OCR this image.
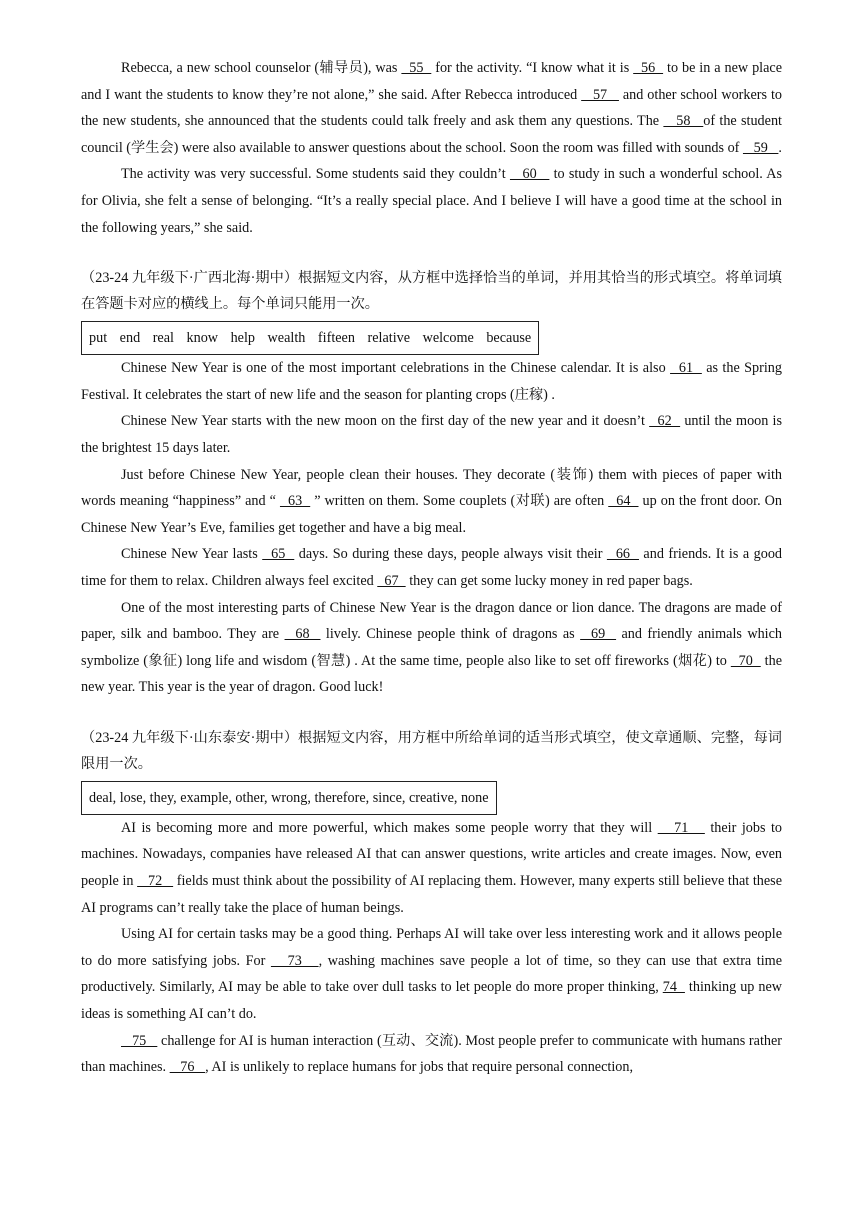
Rebecca, a new school counselor (辅导员), was   55   for the activity. “I know what it is   56   to be in a new place and I want the students to know they’re not alone,” she said. After Rebecca introduced    57    and other school workers to the new students, she announced that the students could talk freely and ask them any questions. The    58   of the student council (学生会) were also available to answer questions about the school. Soon the room was filled with sounds of    59   .

The activity was very successful. Some students said they couldn’t    60    to study in such a wonderful school. As for Olivia, she felt a sense of belonging. “It’s a really special place. And I believe I will have a good time at the school in the following years,” she said.

（23-24 九年级下·广西北海·期中）根据短文内容，从方框中选择恰当的单词，并用其恰当的形式填空。将单词填在答题卡对应的横线上。每个单词只能用一次。

put end real know help wealth fifteen relative welcome because

Chinese New Year is one of the most important celebrations in the Chinese calendar. It is also   61   as the Spring Festival. It celebrates the start of new life and the season for planting crops (庄稼) .

Chinese New Year starts with the new moon on the first day of the new year and it doesn’t   62   until the moon is the brightest 15 days later.

Just before Chinese New Year, people clean their houses. They decorate (装饰) them with pieces of paper with words meaning “happiness” and “   63   ” written on them. Some couplets (对联) are often   64   up on the front door. On Chinese New Year’s Eve, families get together and have a big meal.

Chinese New Year lasts   65   days. So during these days, people always visit their   66   and friends. It is a good time for them to relax. Children always feel excited   67   they can get some lucky money in red paper bags.

One of the most interesting parts of Chinese New Year is the dragon dance or lion dance. The dragons are made of paper, silk and bamboo. They are   68   lively. Chinese people think of dragons as   69   and friendly animals which symbolize (象征) long life and wisdom (智慧) . At the same time, people also like to set off fireworks (烟花) to   70   the new year. This year is the year of dragon. Good luck!

（23-24 九年级下·山东泰安·期中）根据短文内容，用方框中所给单词的适当形式填空，使文章通顺、完整，每词限用一次。

deal, lose, they, example, other, wrong, therefore, since, creative, none

AI is becoming more and more powerful, which makes some people worry that they will    71    their jobs to machines. Nowadays, companies have released AI that can answer questions, write articles and create images. Now, even people in    72    fields must think about the possibility of AI replacing them. However, many experts still believe that these AI programs can’t really take the place of human beings.

Using AI for certain tasks may be a good thing. Perhaps AI will take over less interesting work and it allows people to do more satisfying jobs. For    73   , washing machines save people a lot of time, so they can use that extra time productively. Similarly, AI may be able to take over dull tasks to let people do more proper thinking, 74   thinking up new ideas is something AI can’t do.

75    challenge for AI is human interaction (互动、交流). Most people prefer to communicate with humans rather than machines.    76   , AI is unlikely to replace humans for jobs that require personal connection,
